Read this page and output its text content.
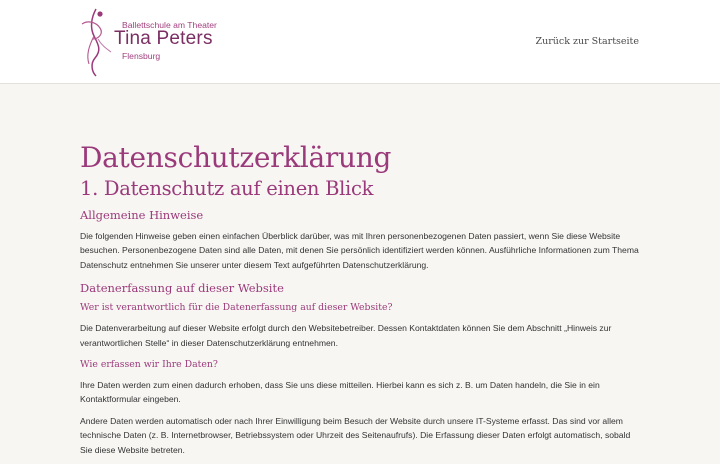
Ballettschule am Theater
Tina Peters
Flensburg
Zurück zur Startseite
Datenschutzerklärung
1. Datenschutz auf einen Blick
Allgemeine Hinweise

Die folgenden Hinweise geben einen einfachen Überblick darüber, was mit Ihren personenbezogenen Daten passiert, wenn Sie diese Website besuchen. Personenbezogene Daten sind alle Daten, mit denen Sie persönlich identifiziert werden können. Ausführliche Informationen zum Thema Datenschutz entnehmen Sie unserer unter diesem Text aufgeführten Datenschutzerklärung.

Datenerfassung auf dieser Website
Wer ist verantwortlich für die Datenerfassung auf dieser Website?

Die Datenverarbeitung auf dieser Website erfolgt durch den Websitebetreiber. Dessen Kontaktdaten können Sie dem Abschnitt „Hinweis zur verantwortlichen Stelle“ in dieser Datenschutzerklärung entnehmen.

Wie erfassen wir Ihre Daten?

Ihre Daten werden zum einen dadurch erhoben, dass Sie uns diese mitteilen. Hierbei kann es sich z. B. um Daten handeln, die Sie in ein Kontaktformular eingeben.

Andere Daten werden automatisch oder nach Ihrer Einwilligung beim Besuch der Website durch unsere IT-Systeme erfasst. Das sind vor allem technische Daten (z. B. Internetbrowser, Betriebssystem oder Uhrzeit des Seitenaufrufs). Die Erfassung dieser Daten erfolgt automatisch, sobald Sie diese Website betreten.
